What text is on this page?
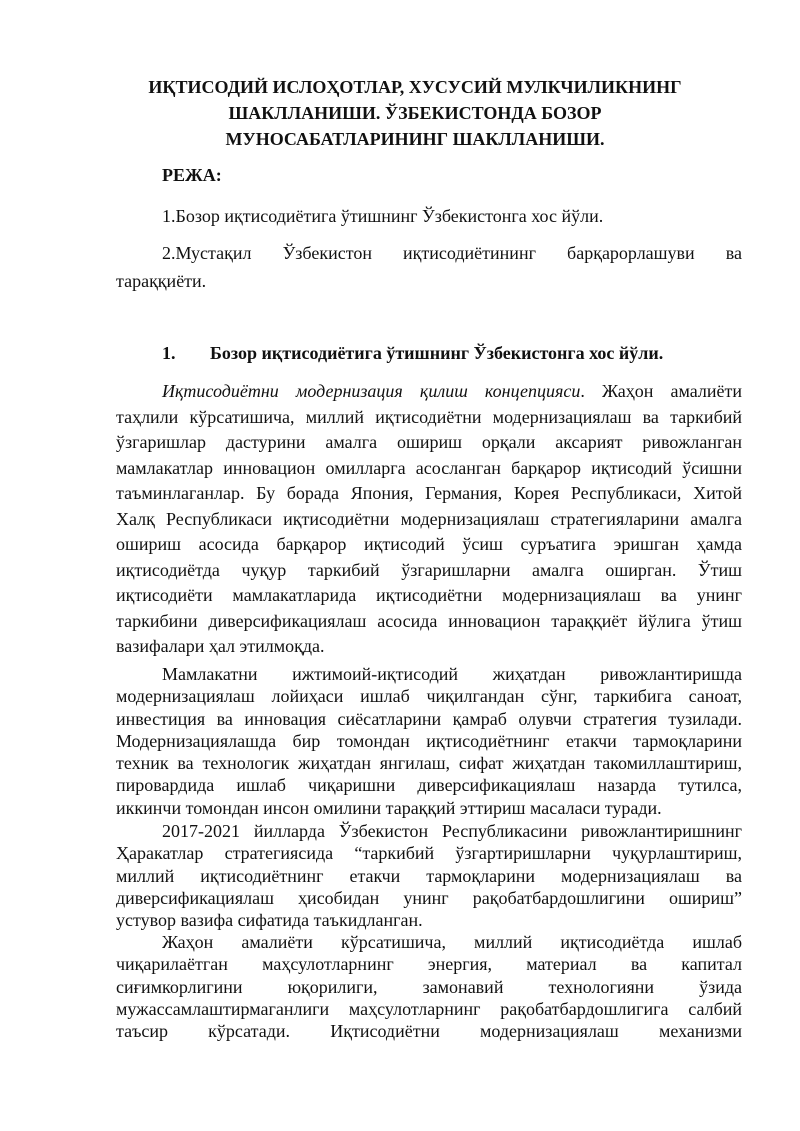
ИҚТИСОДИЙ ИСЛОҲОТЛАР, ХУСУСИЙ МУЛКЧИЛИКНИНГ
ШАКЛЛАНИШИ. ЎЗБЕКИСТОНДА БОЗОР
МУНОСАБАТЛАРИНИНГ ШАКЛЛАНИШИ.
РЕЖА:
1.Бозор иқтисодиётига ўтишнинг Ўзбекистонга хос йўли.
2.Мустақил Ўзбекистон иқтисодиётининг барқарорлашуви ва
тараққиёти.
1. Бозор иқтисодиётига ўтишнинг Ўзбекистонга хос йўли.
Иқтисодиётни модернизация қилиш концепцияси. Жаҳон амалиёти
таҳлили кўрсатишича, миллий иқтисодиётни модернизациялаш ва таркибий
ўзгаришлар дастурини амалга ошириш орқали аксарият ривожланган
мамлакатлар инновацион омилларга асосланган барқарор иқтисодий ўсишни
таъминлаганлар. Бу борада Япония, Германия, Корея Республикаси, Хитой
Халқ Республикаси иқтисодиётни модернизациялаш стратегияларини амалга
ошириш асосида барқарор иқтисодий ўсиш суръатига эришган ҳамда
иқтисодиётда чуқур таркибий ўзгаришларни амалга оширган. Ўтиш
иқтисодиёти мамлакатларида иқтисодиётни модернизациялаш ва унинг
таркибини диверсификациялаш асосида инновацион тараққиёт йўлига ўтиш
вазифалари ҳал этилмоқда.
Мамлакатни ижтимоий-иқтисодий жиҳатдан ривожлантиришда
модернизациялаш лойиҳаси ишлаб чиқилгандан сўнг, таркибига саноат,
инвестиция ва инновация сиёсатларини қамраб олувчи стратегия тузилади.
Модернизациялашда бир томондан иқтисодиётнинг етакчи тармоқларини
техник ва технологик жиҳатдан янгилаш, сифат жиҳатдан такомиллаштириш,
пировардида ишлаб чиқаришни диверсификациялаш назарда тутилса,
иккинчи томондан инсон омилини тараққий эттириш масаласи туради.
2017-2021 йилларда Ўзбекистон Республикасини ривожлантиришнинг
Ҳаракатлар стратегиясида “таркибий ўзгартиришларни чуқурлаштириш,
миллий иқтисодиётнинг етакчи тармоқларини модернизациялаш ва
диверсификациялаш ҳисобидан унинг рақобатбардошлигини ошириш”
устувор вазифа сифатида таъкидланган.
Жаҳон амалиёти кўрсатишича, миллий иқтисодиётда ишлаб
чиқарилаётган маҳсулотларнинг энергия, материал ва капитал
сиғимкорлигини юқорилиги, замонавий технологияни ўзида
мужассамлаштирмаганлиги маҳсулотларнинг рақобатбардошлигига салбий
таъсир кўрсатади. Иқтисодиётни модернизациялаш механизми
